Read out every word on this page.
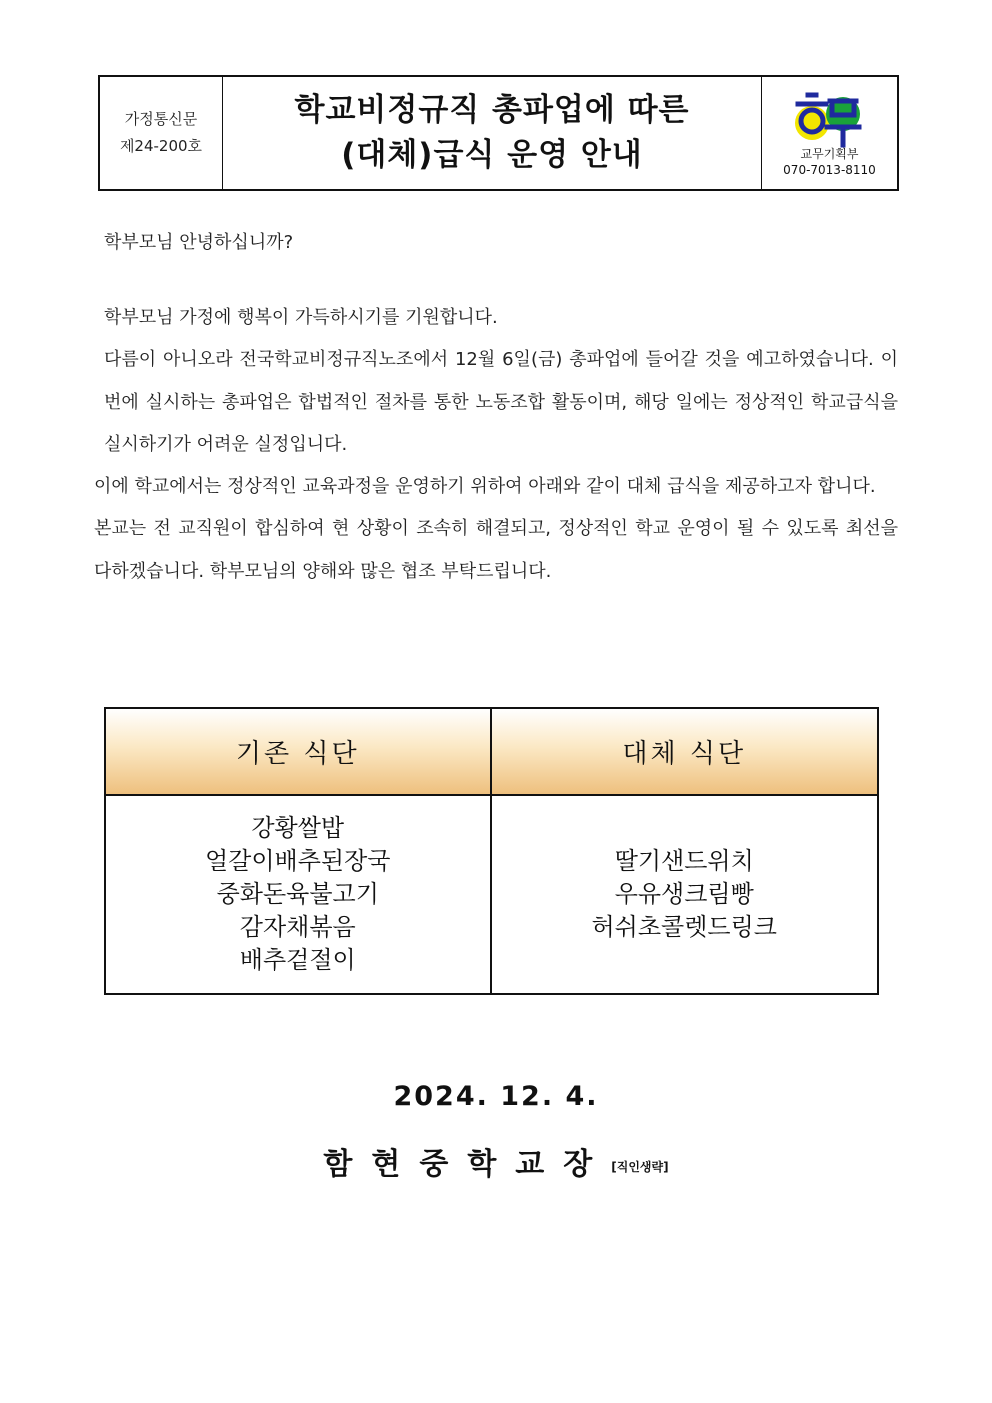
가정통신문
제24-200호
학교비정규직 총파업에 따른
(대체)급식 운영 안내	교무기획부
070-7013-8110
학부모님 안녕하십니까?

학부모님 가정에 행복이 가득하시기를 기원합니다.

다름이 아니오라 전국학교비정규직노조에서 12월 6일(금) 총파업에 들어갈 것을 예고하였습니다. 이번에 실시하는 총파업은 합법적인 절차를 통한 노동조합 활동이며, 해당 일에는 정상적인 학교급식을 실시하기가 어려운 실정입니다.

이에 학교에서는 정상적인 교육과정을 운영하기 위하여 아래와 같이 대체 급식을 제공하고자 합니다.

본교는 전 교직원이 합심하여 현 상황이 조속히 해결되고, 정상적인 학교 운영이 될 수 있도록 최선을 다하겠습니다. 학부모님의 양해와 많은 협조 부탁드립니다.

기존 식단	대체 식단
강황쌀밥
얼갈이배추된장국
중화돈육불고기
감자채볶음
배추겉절이
딸기샌드위치
우유생크림빵
허쉬초콜렛드링크
2024. 12. 4.
함현중학교장[직인생략]
